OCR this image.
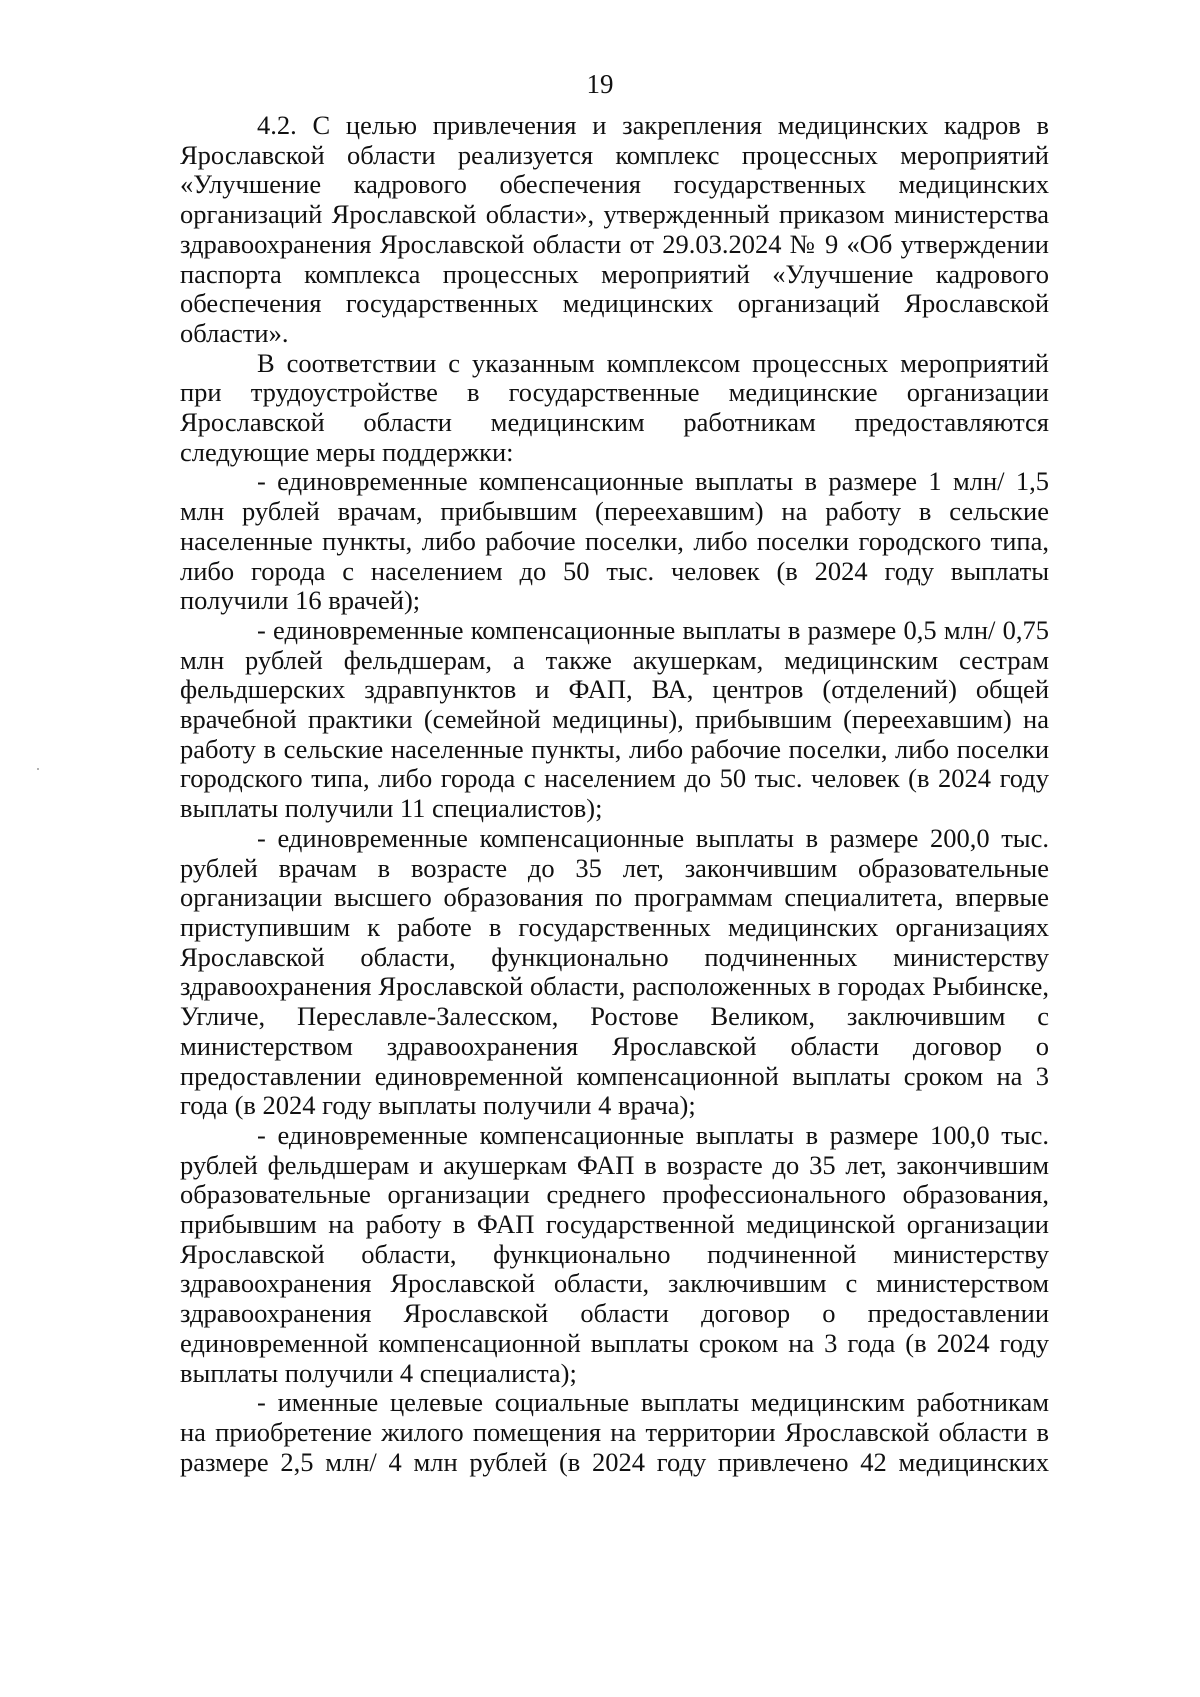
19

4.2. С целью привлечения и закрепления медицинских кадров в Ярославской области реализуется комплекс процессных мероприятий «Улучшение кадрового обеспечения государственных медицинских организаций Ярославской области», утвержденный приказом министерства здравоохранения Ярославской области от 29.03.2024 № 9 «Об утверждении паспорта комплекса процессных мероприятий «Улучшение кадрового обеспечения государственных медицинских организаций Ярославской области».

В соответствии с указанным комплексом процессных мероприятий при трудоустройстве в государственные медицинские организации Ярославской области медицинским работникам предоставляются следующие меры поддержки:

- единовременные компенсационные выплаты в размере 1 млн/ 1,5 млн рублей врачам, прибывшим (переехавшим) на работу в сельские населенные пункты, либо рабочие поселки, либо поселки городского типа, либо города с населением до 50 тыс. человек (в 2024 году выплаты получили 16 врачей);

- единовременные компенсационные выплаты в размере 0,5 млн/ 0,75 млн рублей фельдшерам, а также акушеркам, медицинским сестрам фельдшерских здравпунктов и ФАП, ВА, центров (отделений) общей врачебной практики (семейной медицины), прибывшим (переехавшим) на работу в сельские населенные пункты, либо рабочие поселки, либо поселки городского типа, либо города с населением до 50 тыс. человек (в 2024 году выплаты получили 11 специалистов);

- единовременные компенсационные выплаты в размере 200,0 тыс. рублей врачам в возрасте до 35 лет, закончившим образовательные организации высшего образования по программам специалитета, впервые приступившим к работе в государственных медицинских организациях Ярославской области, функционально подчиненных министерству здравоохранения Ярославской области, расположенных в городах Рыбинске, Угличе, Переславле-Залесском, Ростове Великом, заключившим с министерством здравоохранения Ярославской области договор о предоставлении единовременной компенсационной выплаты сроком на 3 года (в 2024 году выплаты получили 4 врача);

- единовременные компенсационные выплаты в размере 100,0 тыс. рублей фельдшерам и акушеркам ФАП в возрасте до 35 лет, закончившим образовательные организации среднего профессионального образования, прибывшим на работу в ФАП государственной медицинской организации Ярославской области, функционально подчиненной министерству здравоохранения Ярославской области, заключившим с министерством здравоохранения Ярославской области договор о предоставлении единовременной компенсационной выплаты сроком на 3 года (в 2024 году выплаты получили 4 специалиста);

- именные целевые социальные выплаты медицинским работникам на приобретение жилого помещения на территории Ярославской области в размере 2,5 млн/ 4 млн рублей (в 2024 году привлечено 42 медицинских
